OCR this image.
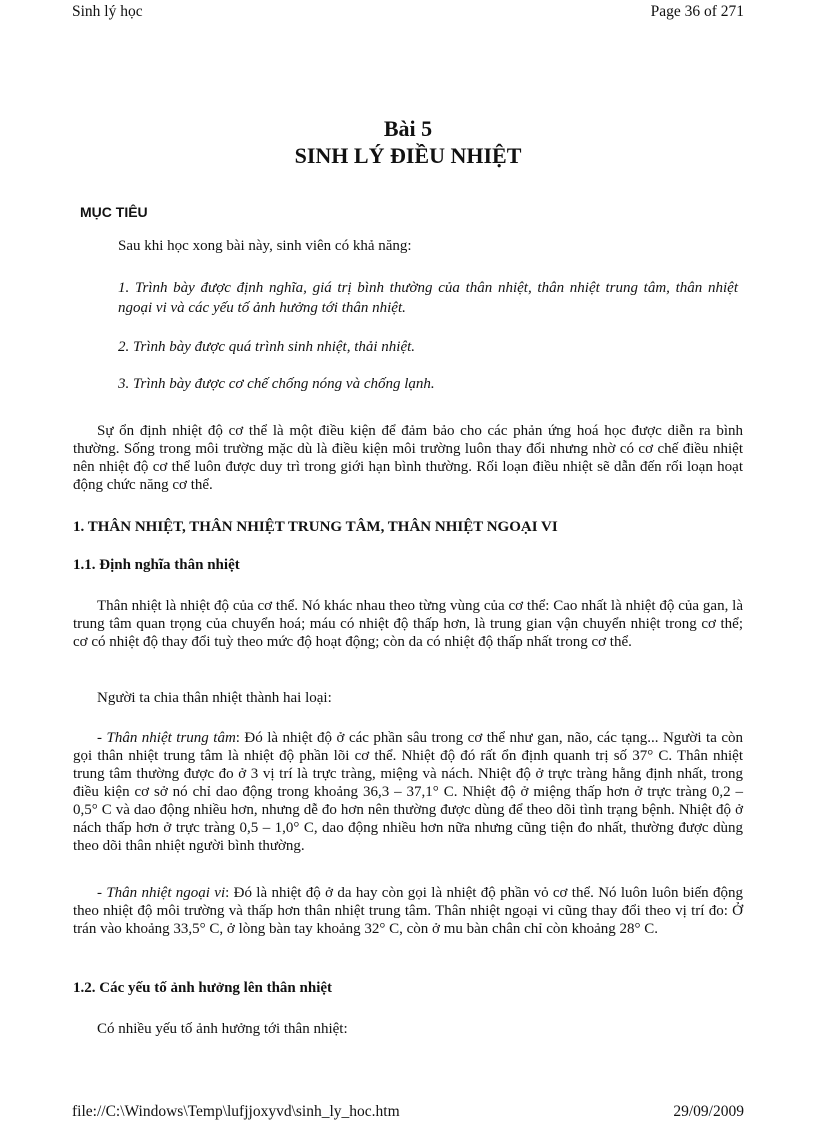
Sinh lý học	Page 36 of 271
Bài 5
SINH LÝ ĐIỀU NHIỆT
MỤC TIÊU
Sau khi học xong bài này, sinh viên có khả năng:
1. Trình bày được định nghĩa, giá trị bình thường của thân nhiệt, thân nhiệt trung tâm, thân nhiệt ngoại vi và các yếu tố ảnh hưởng tới thân nhiệt.
2. Trình bày được quá trình sinh nhiệt, thải nhiệt.
3. Trình bày được cơ chế chống nóng và chống lạnh.

Sự ổn định nhiệt độ cơ thể là một điều kiện để đảm bảo cho các phản ứng hoá học được diễn ra bình thường. Sống trong môi trường mặc dù là điều kiện môi trường luôn thay đổi nhưng nhờ có cơ chế điều nhiệt nên nhiệt độ cơ thể luôn được duy trì trong giới hạn bình thường. Rối loạn điều nhiệt sẽ dẫn đến rối loạn hoạt động chức năng cơ thể.

1. THÂN NHIỆT, THÂN NHIỆT TRUNG TÂM, THÂN NHIỆT NGOẠI VI
1.1. Định nghĩa thân nhiệt

Thân nhiệt là nhiệt độ của cơ thể. Nó khác nhau theo từng vùng của cơ thể: Cao nhất là nhiệt độ của gan, là trung tâm quan trọng của chuyển hoá; máu có nhiệt độ thấp hơn, là trung gian vận chuyển nhiệt trong cơ thể; cơ có nhiệt độ thay đổi tuỳ theo mức độ hoạt động; còn da có nhiệt độ thấp nhất trong cơ thể.

Người ta chia thân nhiệt thành hai loại:

- Thân nhiệt trung tâm: Đó là nhiệt độ ở các phần sâu trong cơ thể như gan, não, các tạng... Người ta còn gọi thân nhiệt trung tâm là nhiệt độ phần lõi cơ thể. Nhiệt độ đó rất ổn định quanh trị số 37° C. Thân nhiệt trung tâm thường được đo ở 3 vị trí là trực tràng, miệng và nách. Nhiệt độ ở trực tràng hằng định nhất, trong điều kiện cơ sở nó chỉ dao động trong khoảng 36,3 – 37,1° C. Nhiệt độ ở miệng thấp hơn ở trực tràng 0,2 – 0,5° C và dao động nhiều hơn, nhưng dễ đo hơn nên thường được dùng để theo dõi tình trạng bệnh. Nhiệt độ ở nách thấp hơn ở trực tràng 0,5 – 1,0° C, dao động nhiều hơn nữa nhưng cũng tiện đo nhất, thường được dùng theo dõi thân nhiệt người bình thường.

- Thân nhiệt ngoại vi: Đó là nhiệt độ ở da hay còn gọi là nhiệt độ phần vỏ cơ thể. Nó luôn luôn biến động theo nhiệt độ môi trường và thấp hơn thân nhiệt trung tâm. Thân nhiệt ngoại vi cũng thay đổi theo vị trí đo: Ở trán vào khoảng 33,5° C, ở lòng bàn tay khoảng 32° C, còn ở mu bàn chân chỉ còn khoảng 28° C.

1.2. Các yếu tố ảnh hưởng lên thân nhiệt
Có nhiều yếu tố ảnh hưởng tới thân nhiệt:
file://C:\Windows\Temp\lufjjoxyvd\sinh_ly_hoc.htm	29/09/2009
